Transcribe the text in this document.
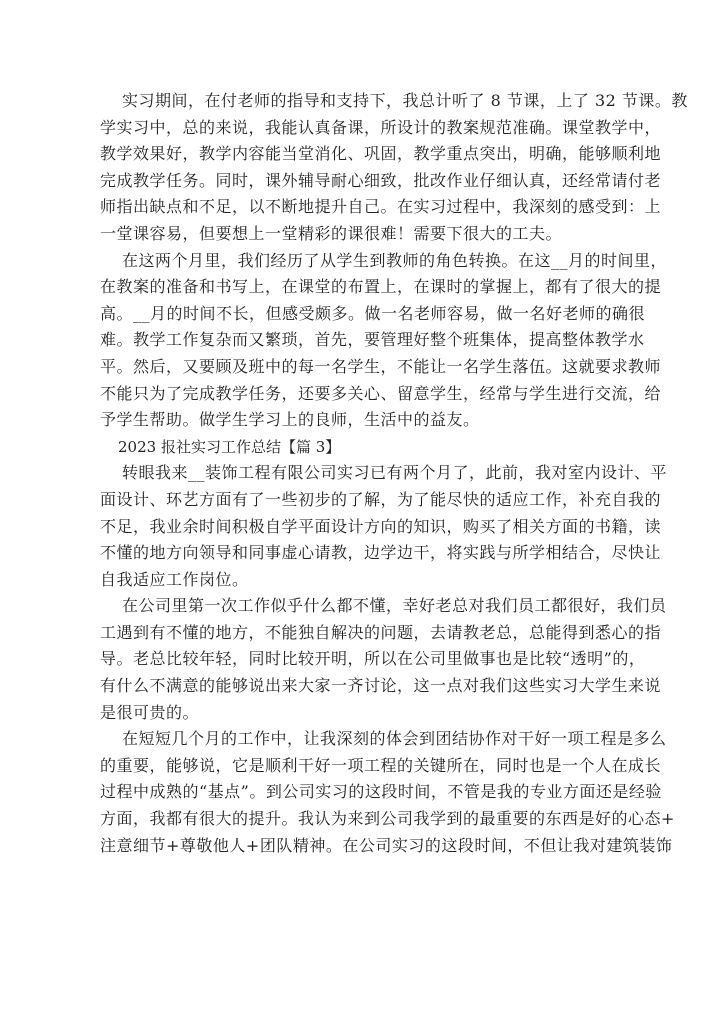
实习期间，在付老师的指导和支持下，我总计听了 8 节课，上了 32 节课。教
学实习中，总的来说，我能认真备课，所设计的教案规范准确。课堂教学中，
教学效果好，教学内容能当堂消化、巩固，教学重点突出，明确，能够顺利地
完成教学任务。同时，课外辅导耐心细致，批改作业仔细认真，还经常请付老
师指出缺点和不足，以不断地提升自己。在实习过程中，我深刻的感受到：上
一堂课容易，但要想上一堂精彩的课很难！需要下很大的工夫。

在这两个月里，我们经历了从学生到教师的角色转换。在这__月的时间里，
在教案的准备和书写上，在课堂的布置上，在课时的掌握上，都有了很大的提
高。__月的时间不长，但感受颇多。做一名老师容易，做一名好老师的确很
难。教学工作复杂而又繁琐，首先，要管理好整个班集体，提高整体教学水
平。然后，又要顾及班中的每一名学生，不能让一名学生落伍。这就要求教师
不能只为了完成教学任务，还要多关心、留意学生，经常与学生进行交流，给
予学生帮助。做学生学习上的良师，生活中的益友。

2023 报社实习工作总结【篇 3】

转眼我来__装饰工程有限公司实习已有两个月了，此前，我对室内设计、平
面设计、环艺方面有了一些初步的了解，为了能尽快的适应工作，补充自我的
不足，我业余时间积极自学平面设计方向的知识，购买了相关方面的书籍，读
不懂的地方向领导和同事虚心请教，边学边干，将实践与所学相结合，尽快让
自我适应工作岗位。

在公司里第一次工作似乎什么都不懂，幸好老总对我们员工都很好，我们员
工遇到有不懂的地方，不能独自解决的问题，去请教老总，总能得到悉心的指
导。老总比较年轻，同时比较开明，所以在公司里做事也是比较“透明”的，
有什么不满意的能够说出来大家一齐讨论，这一点对我们这些实习大学生来说
是很可贵的。

在短短几个月的工作中，让我深刻的体会到团结协作对干好一项工程是多么
的重要，能够说，它是顺利干好一项工程的关键所在，同时也是一个人在成长
过程中成熟的“基点”。到公司实习的这段时间，不管是我的专业方面还是经验
方面，我都有很大的提升。我认为来到公司我学到的最重要的东西是好的心态+
注意细节+尊敬他人+团队精神。在公司实习的这段时间，不但让我对建筑装饰
